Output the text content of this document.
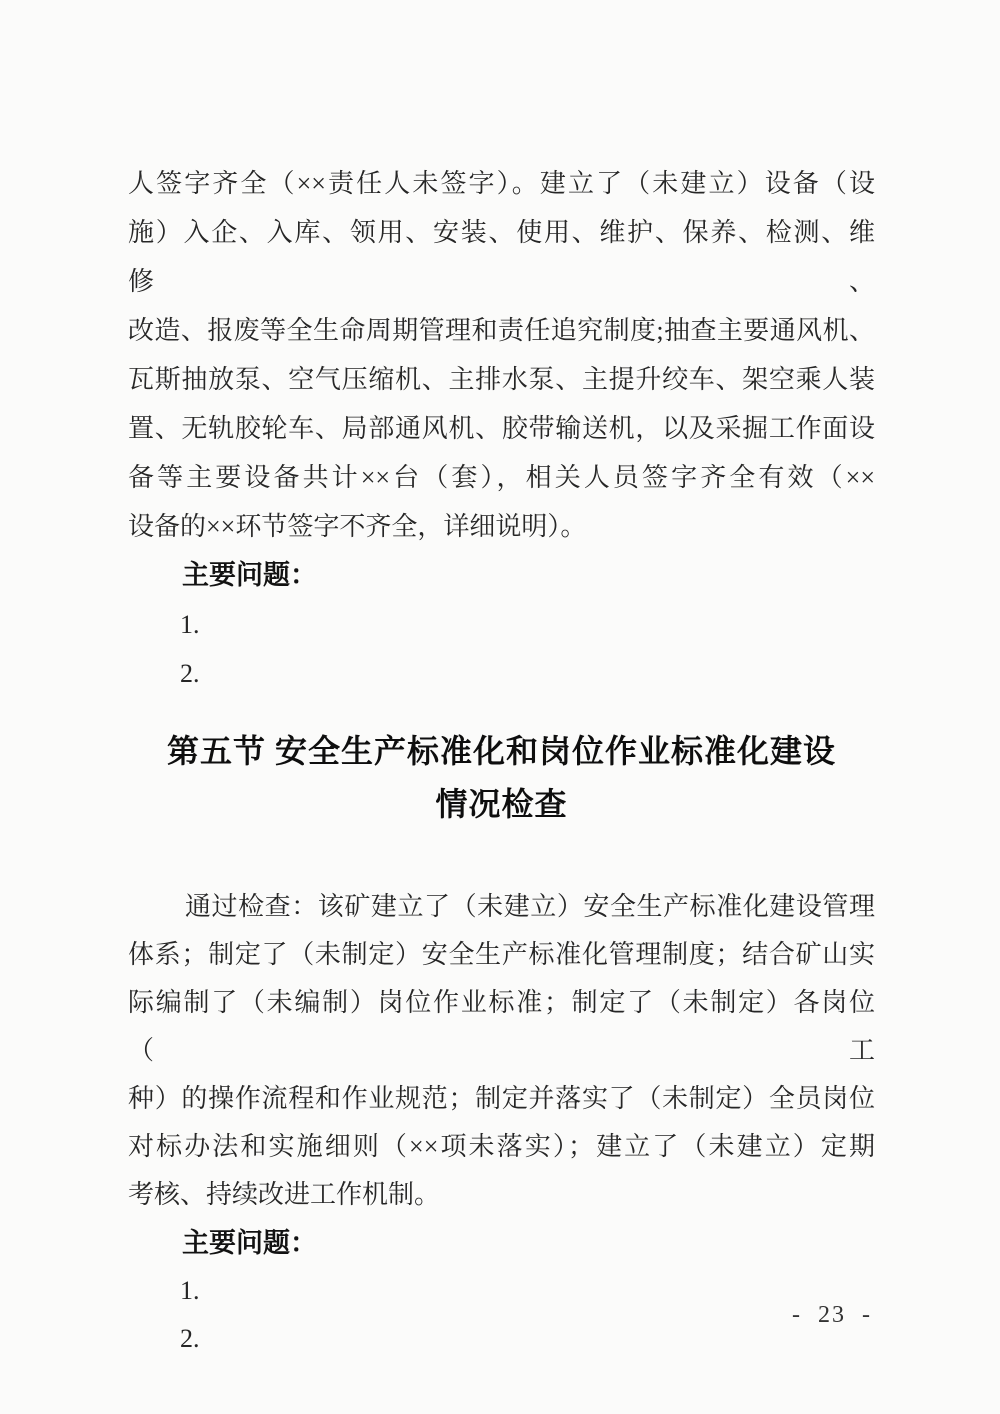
人签字齐全（××责任人未签字）。建立了（未建立）设备（设
施）入企、入库、领用、安装、使用、维护、保养、检测、维修、
改造、报废等全生命周期管理和责任追究制度;抽查主要通风机、
瓦斯抽放泵、空气压缩机、主排水泵、主提升绞车、架空乘人装
置、无轨胶轮车、局部通风机、胶带输送机，以及采掘工作面设
备等主要设备共计××台（套），相关人员签字齐全有效（××
设备的××环节签字不齐全，详细说明）。
主要问题：
1.
2.
第五节 安全生产标准化和岗位作业标准化建设
情况检查
通过检查：该矿建立了（未建立）安全生产标准化建设管理
体系；制定了（未制定）安全生产标准化管理制度；结合矿山实
际编制了（未编制）岗位作业标准；制定了（未制定）各岗位（工
种）的操作流程和作业规范；制定并落实了（未制定）全员岗位
对标办法和实施细则（××项未落实）；建立了（未建立）定期
考核、持续改进工作机制。
主要问题：
1.
2.
- 23 -
